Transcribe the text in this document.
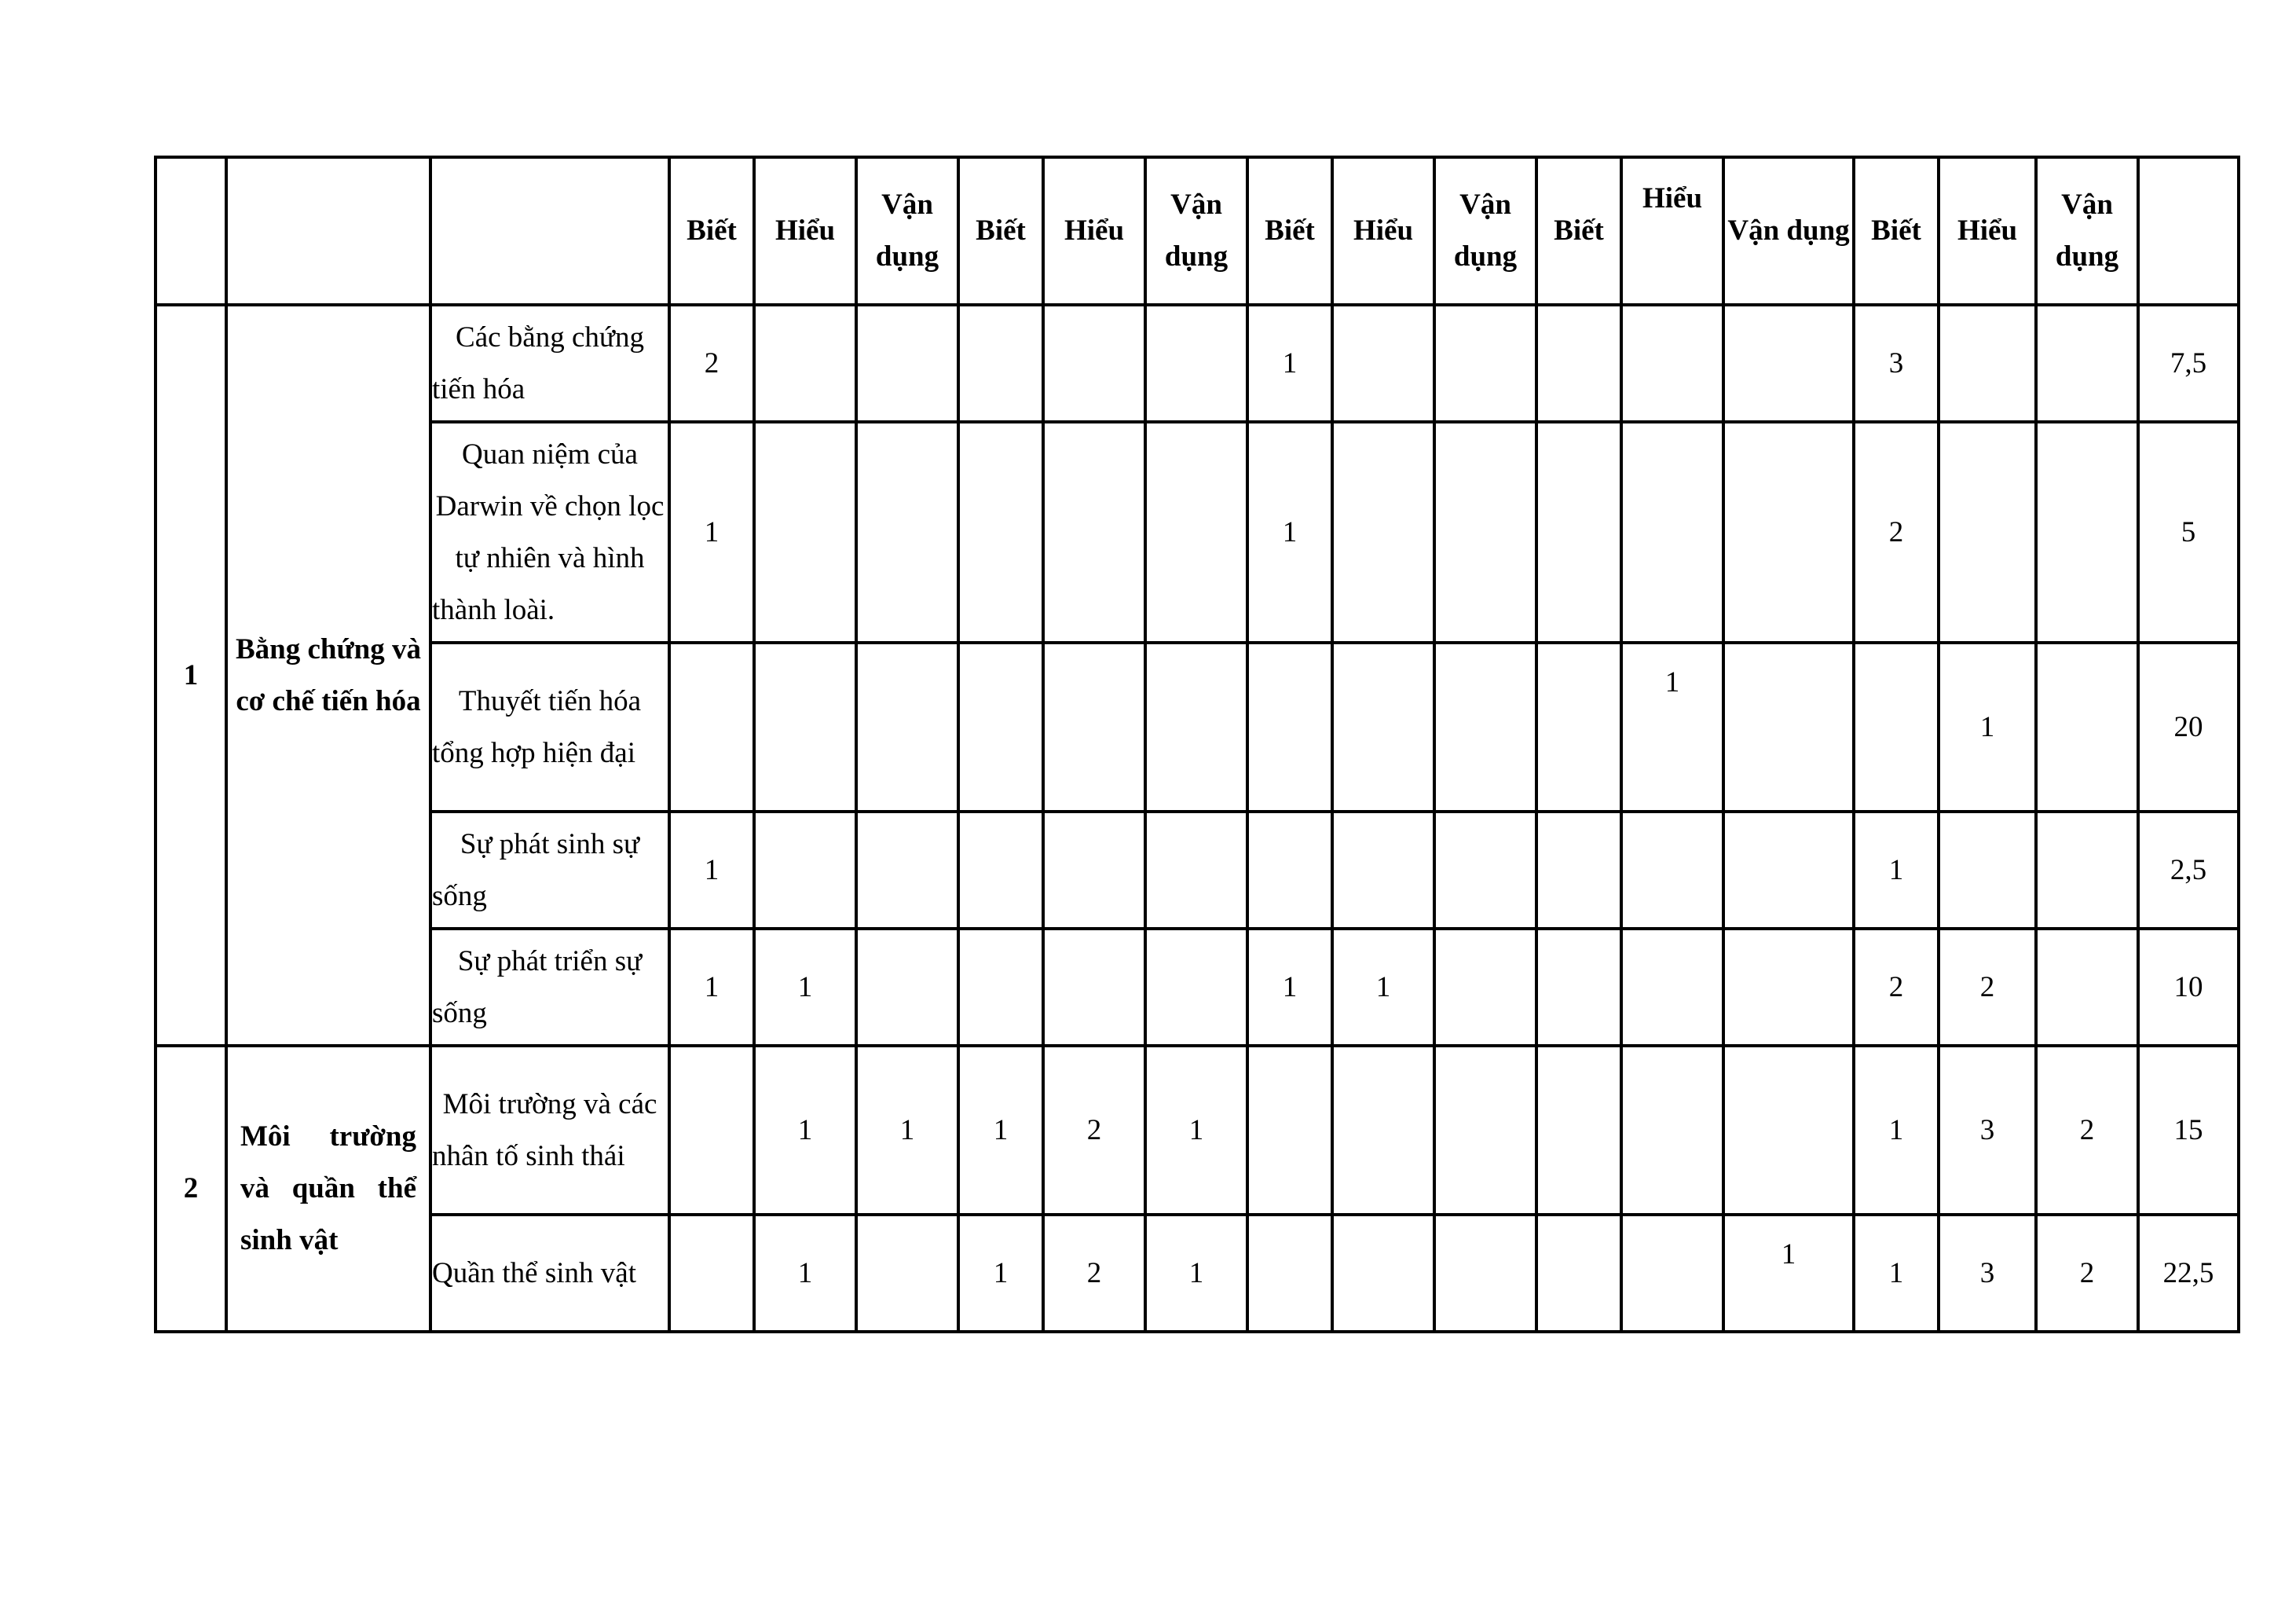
			Biết	Hiểu	Vận dụng	Biết	Hiểu	Vận dụng	Biết	Hiểu	Vận dụng	Biết	Hiểu	Vận dụng	Biết	Hiểu	Vận dụng	
1	Bằng chứng và cơ chế tiến hóa	Các bằng chứng tiến hóa	2						1						3			7,5
		Quan niệm của Darwin về chọn lọc tự nhiên và hình thành loài.	1						1						2			5
		Thuyết tiến hóa tổng hợp hiện đại											1			1		20
		Sự phát sinh sự sống	1												1			2,5
		Sự phát triển sự sống	1	1					1	1					2	2		10
2	Môi trường và quần thể sinh vật	Môi trường và các nhân tố sinh thái		1	1	1	2	1							1	3	2	15
		Quần thể sinh vật		1		1	2	1						1	1	3	2	22,5
